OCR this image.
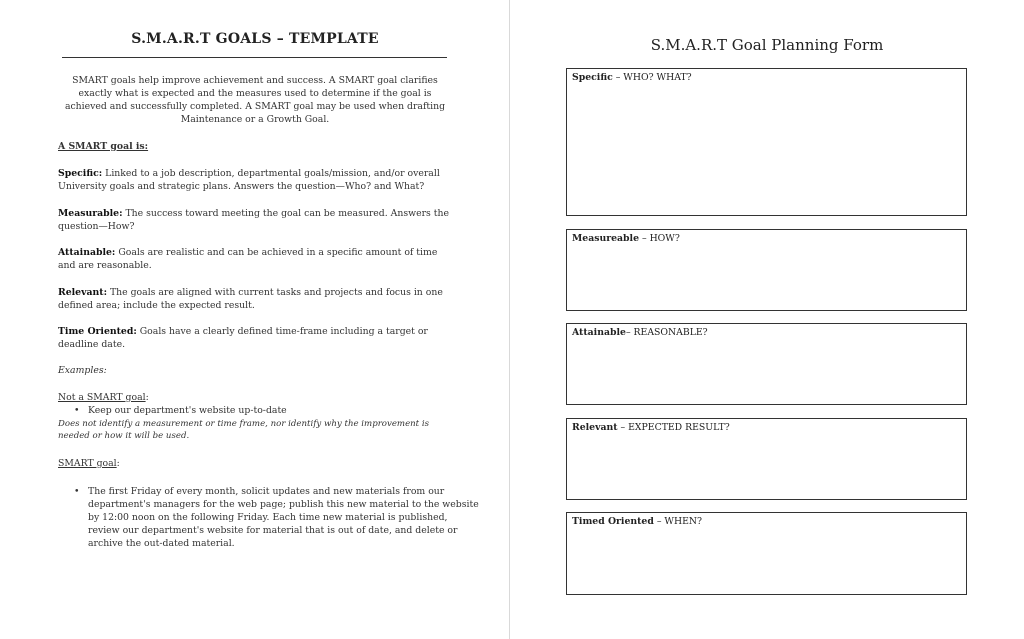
S.M.A.R.T GOALS – TEMPLATE
SMART goals help improve achievement and success. A SMART goal clarifies exactly what is expected and the measures used to determine if the goal is achieved and successfully completed. A SMART goal may be used when drafting Maintenance or a Growth Goal.
A SMART goal is:
Specific: Linked to a job description, departmental goals/mission, and/or overall University goals and strategic plans. Answers the question—Who? and What?
Measurable: The success toward meeting the goal can be measured. Answers the question—How?
Attainable: Goals are realistic and can be achieved in a specific amount of time and are reasonable.
Relevant: The goals are aligned with current tasks and projects and focus in one defined area; include the expected result.
Time Oriented: Goals have a clearly defined time-frame including a target or deadline date.
Examples:
Not a SMART goal:
• Keep our department's website up-to-date
Does not identify a measurement or time frame, nor identify why the improvement is needed or how it will be used.
SMART goal:
• The first Friday of every month, solicit updates and new materials from our department's managers for the web page; publish this new material to the website by 12:00 noon on the following Friday. Each time new material is published, review our department's website for material that is out of date, and delete or archive the out-dated material.
S.M.A.R.T Goal Planning Form
Specific – WHO? WHAT?
Measureable – HOW?
Attainable– REASONABLE?
Relevant – EXPECTED RESULT?
Timed Oriented – WHEN?
